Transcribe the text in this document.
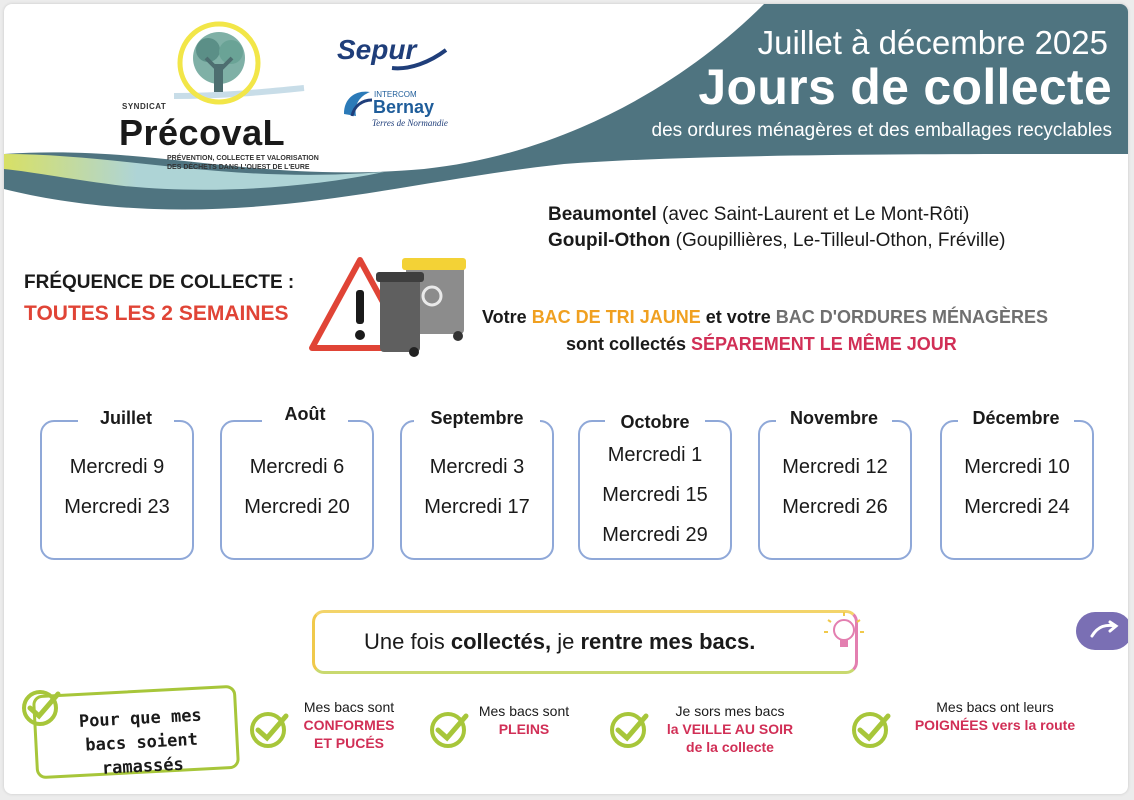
SYNDICAT
PrécovaL
PRÉVENTION, COLLECTE ET VALORISATION
DES DÉCHETS DANS L'OUEST DE L'EURE
Sepur
INTERCOM
Bernay
Terres de Normandie
Juillet à décembre 2025
Jours de collecte
des ordures ménagères et des emballages recyclables
Beaumontel (avec Saint-Laurent et Le Mont-Rôti)
Goupil-Othon (Goupillières, Le-Tilleul-Othon, Fréville)
FRÉQUENCE DE COLLECTE :
TOUTES LES 2 SEMAINES	Votre BAC DE TRI JAUNE et votre BAC D'ORDURES MÉNAGÈRES
sont collectés SÉPAREMENT LE MÊME JOUR
Juillet
Mercredi 9
Mercredi 23
Août
Mercredi 6
Mercredi 20
Septembre
Mercredi 3
Mercredi 17
Octobre
Mercredi 1
Mercredi 15
Mercredi 29
Novembre
Mercredi 12
Mercredi 26
Décembre
Mercredi 10
Mercredi 24
Une fois collectés, je rentre mes bacs.
Pour que mes
bacs soient ramassés
Mes bacs sont
CONFORMES
ET PUCÉS
Mes bacs sont
PLEINS
Je sors mes bacs
la VEILLE AU SOIR
de la collecte
Mes bacs ont leurs
POIGNÉES vers la route
